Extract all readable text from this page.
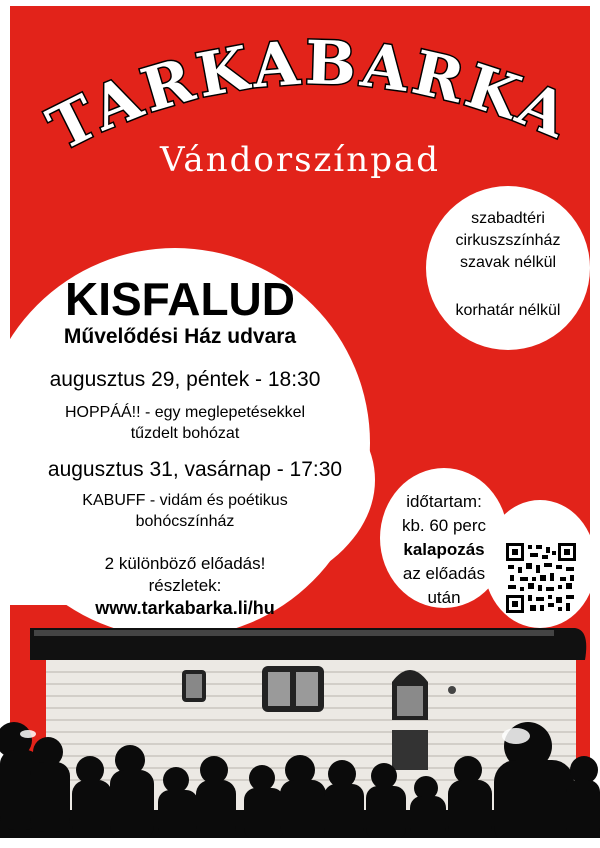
TARKABARKA
Vándorszínpad
KISFALUD
Művelődési Ház udvara
augusztus 29, péntek - 18:30
HOPPÁÁ!! - egy meglepetésekkel
tűzdelt bohózat
augusztus 31, vasárnap - 17:30
KABUFF - vidám és poétikus
bohócszínház
2 különböző előadás!
részletek:
www.tarkabarka.li/hu
szabadtéri
cirkuszszínház
szavak nélkül
korhatár nélkül
időtartam:
kb. 60 perc
kalapozás
az előadás
után
